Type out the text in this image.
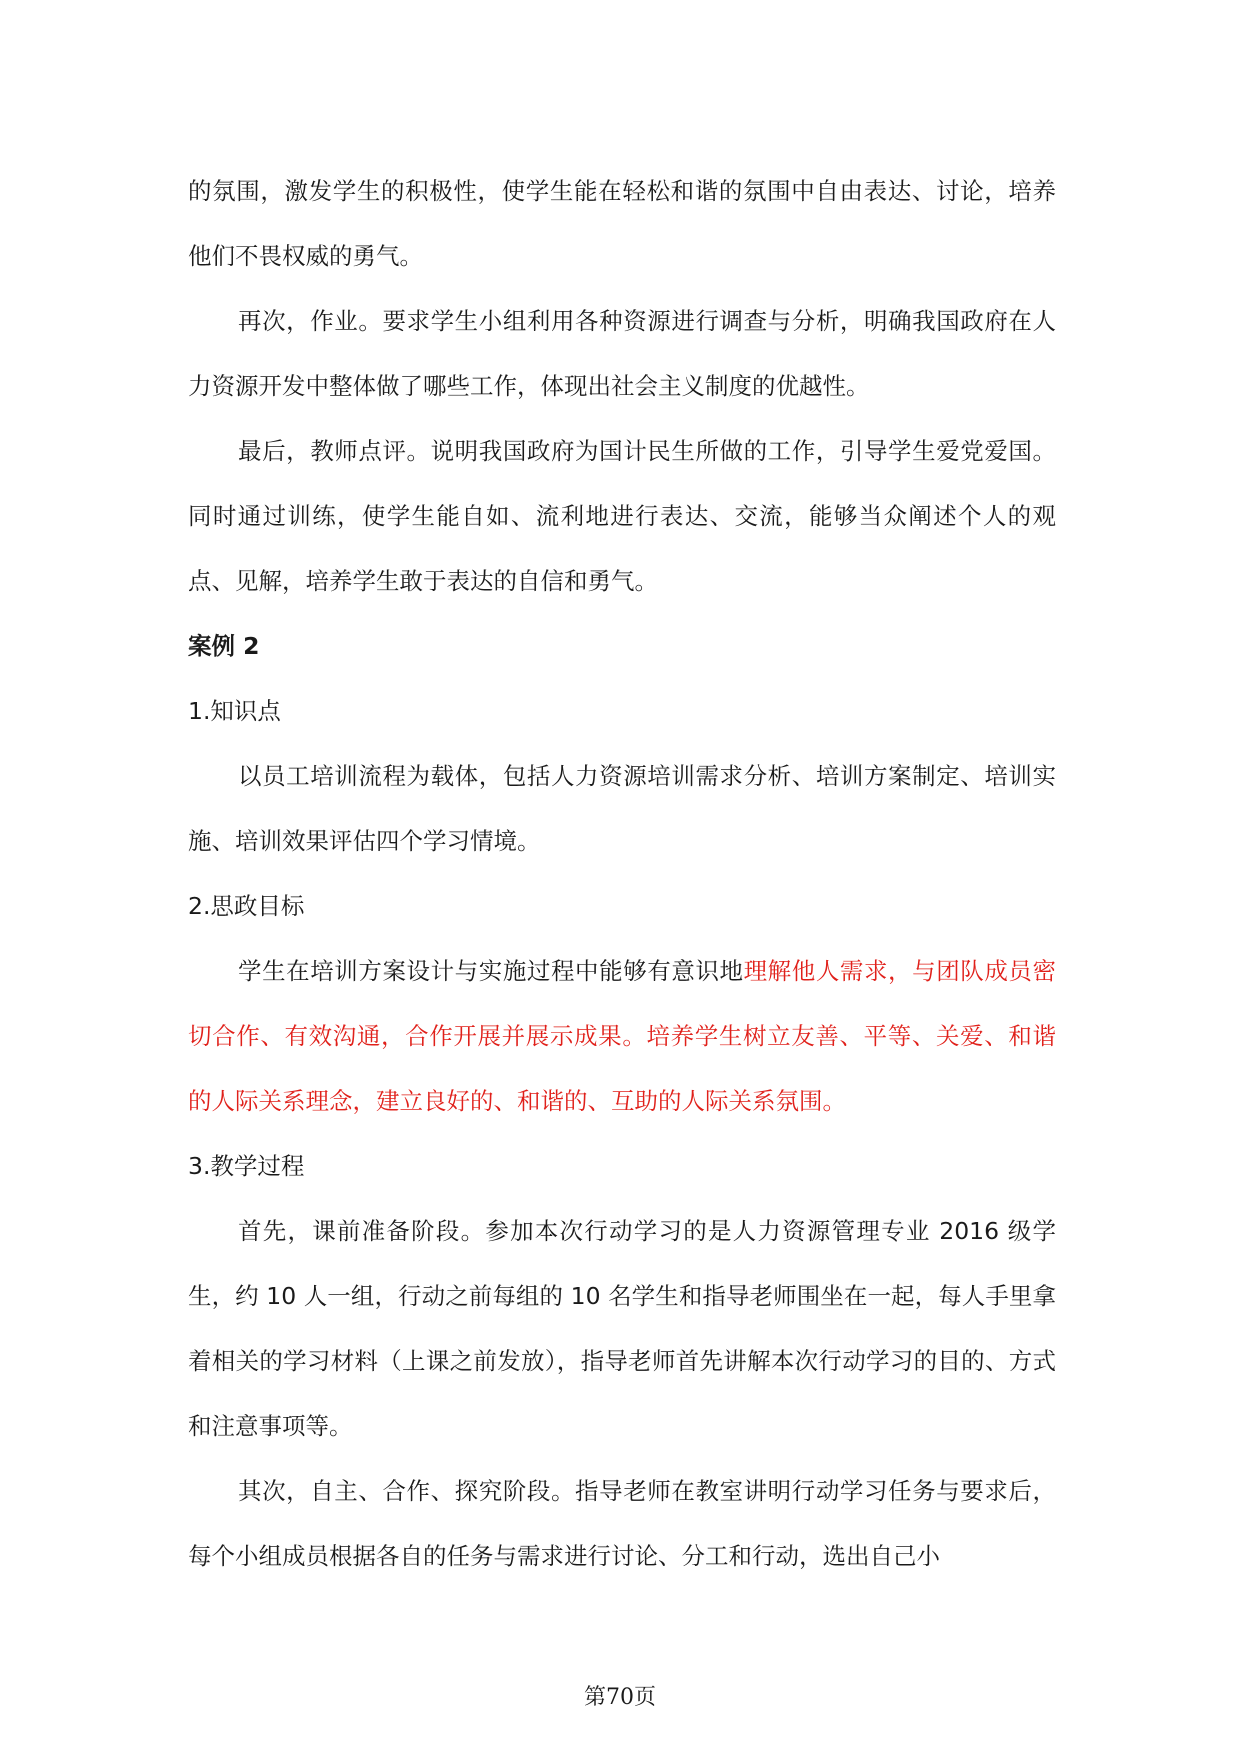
的氛围，激发学生的积极性，使学生能在轻松和谐的氛围中自由表达、讨论，培养他们不畏权威的勇气。

再次，作业。要求学生小组利用各种资源进行调查与分析，明确我国政府在人力资源开发中整体做了哪些工作，体现出社会主义制度的优越性。

最后，教师点评。说明我国政府为国计民生所做的工作，引导学生爱党爱国。同时通过训练，使学生能自如、流利地进行表达、交流，能够当众阐述个人的观点、见解，培养学生敢于表达的自信和勇气。

案例 2

1.知识点

以员工培训流程为载体，包括人力资源培训需求分析、培训方案制定、培训实施、培训效果评估四个学习情境。

2.思政目标

学生在培训方案设计与实施过程中能够有意识地理解他人需求，与团队成员密切合作、有效沟通，合作开展并展示成果。培养学生树立友善、平等、关爱、和谐的人际关系理念，建立良好的、和谐的、互助的人际关系氛围。

3.教学过程

首先，课前准备阶段。参加本次行动学习的是人力资源管理专业 2016 级学生，约 10 人一组，行动之前每组的 10 名学生和指导老师围坐在一起，每人手里拿着相关的学习材料（上课之前发放），指导老师首先讲解本次行动学习的目的、方式和注意事项等。

其次，自主、合作、探究阶段。指导老师在教室讲明行动学习任务与要求后，每个小组成员根据各自的任务与需求进行讨论、分工和行动，选出自己小

第70页
